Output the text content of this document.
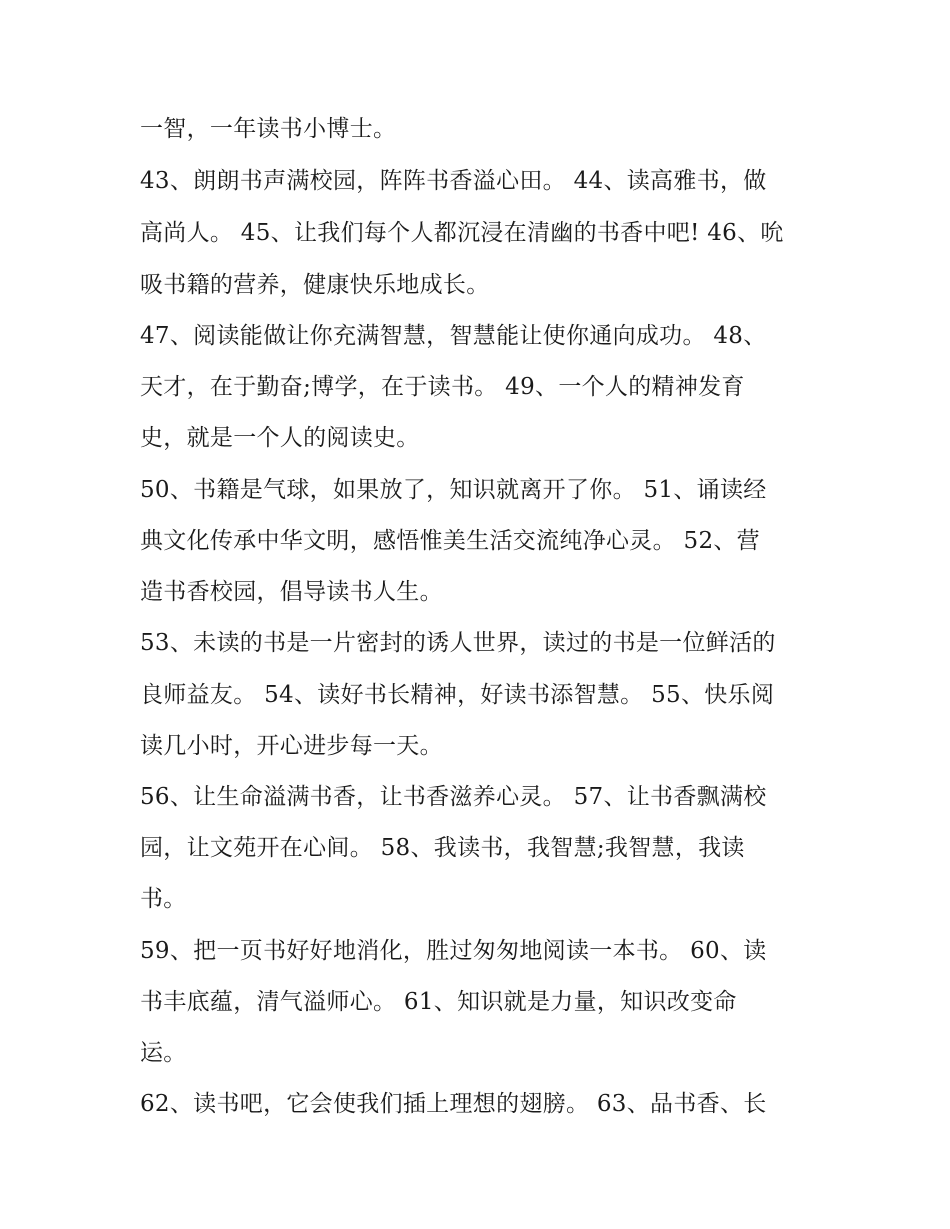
一智，一年读书小博士。
43、朗朗书声满校园，阵阵书香溢心田。 44、读高雅书，做
高尚人。 45、让我们每个人都沉浸在清幽的书香中吧! 46、吮
吸书籍的营养，健康快乐地成长。
47、阅读能做让你充满智慧，智慧能让使你通向成功。 48、
天才，在于勤奋;博学，在于读书。 49、一个人的精神发育
史，就是一个人的阅读史。
50、书籍是气球，如果放了，知识就离开了你。 51、诵读经
典文化传承中华文明，感悟惟美生活交流纯净心灵。 52、营
造书香校园，倡导读书人生。
53、未读的书是一片密封的诱人世界，读过的书是一位鲜活的
良师益友。 54、读好书长精神，好读书添智慧。 55、快乐阅
读几小时，开心进步每一天。
56、让生命溢满书香，让书香滋养心灵。 57、让书香飘满校
园，让文苑开在心间。 58、我读书，我智慧;我智慧，我读
书。
59、把一页书好好地消化，胜过匆匆地阅读一本书。 60、读
书丰底蕴，清气溢师心。 61、知识就是力量，知识改变命
运。
62、读书吧，它会使我们插上理想的翅膀。 63、品书香、长
